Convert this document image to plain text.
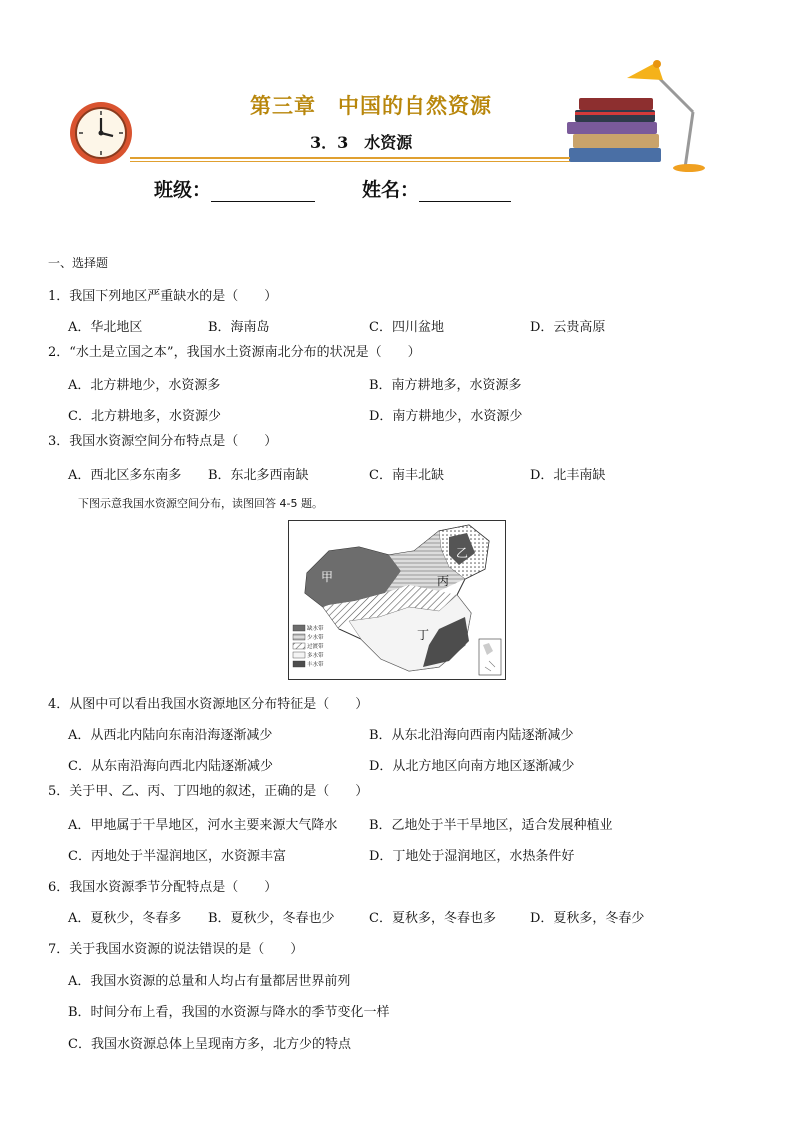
第三章　中国的自然资源
3．3　水资源
班级：	姓名：
一、选择题
1．我国下列地区严重缺水的是（　　）
A．华北地区	B．海南岛	C．四川盆地	D．云贵高原
2．“水土是立国之本”，我国水土资源南北分布的状况是（　　）
A．北方耕地少，水资源多	B．南方耕地多，水资源多
C．北方耕地多，水资源少	D．南方耕地少，水资源少
3．我国水资源空间分布特点是（　　）
A．西北区多东南多 B．东北多西南缺	C．南丰北缺	D．北丰南缺
下图示意我国水资源空间分布，读图回答 4-5 题。
甲
乙
丙
丁
缺水带
少水带
过渡带
多水带
丰水带
4．从图中可以看出我国水资源地区分布特征是（　　）
A．从西北内陆向东南沿海逐渐减少	B．从东北沿海向西南内陆逐渐减少
C．从东南沿海向西北内陆逐渐减少	D．从北方地区向南方地区逐渐减少
5．关于甲、乙、丙、丁四地的叙述，正确的是（　　）
A．甲地属于干旱地区，河水主要来源大气降水 B．乙地处于半干旱地区，适合发展种植业
C．丙地处于半湿润地区，水资源丰富	D．丁地处于湿润地区，水热条件好
6．我国水资源季节分配特点是（　　）
A．夏秋少，冬春多 B．夏秋少，冬春也少	C．夏秋多，冬春也多	D．夏秋多，冬春少
7．关于我国水资源的说法错误的是（　　）
A．我国水资源的总量和人均占有量都居世界前列
B．时间分布上看，我国的水资源与降水的季节变化一样
C．我国水资源总体上呈现南方多，北方少的特点
